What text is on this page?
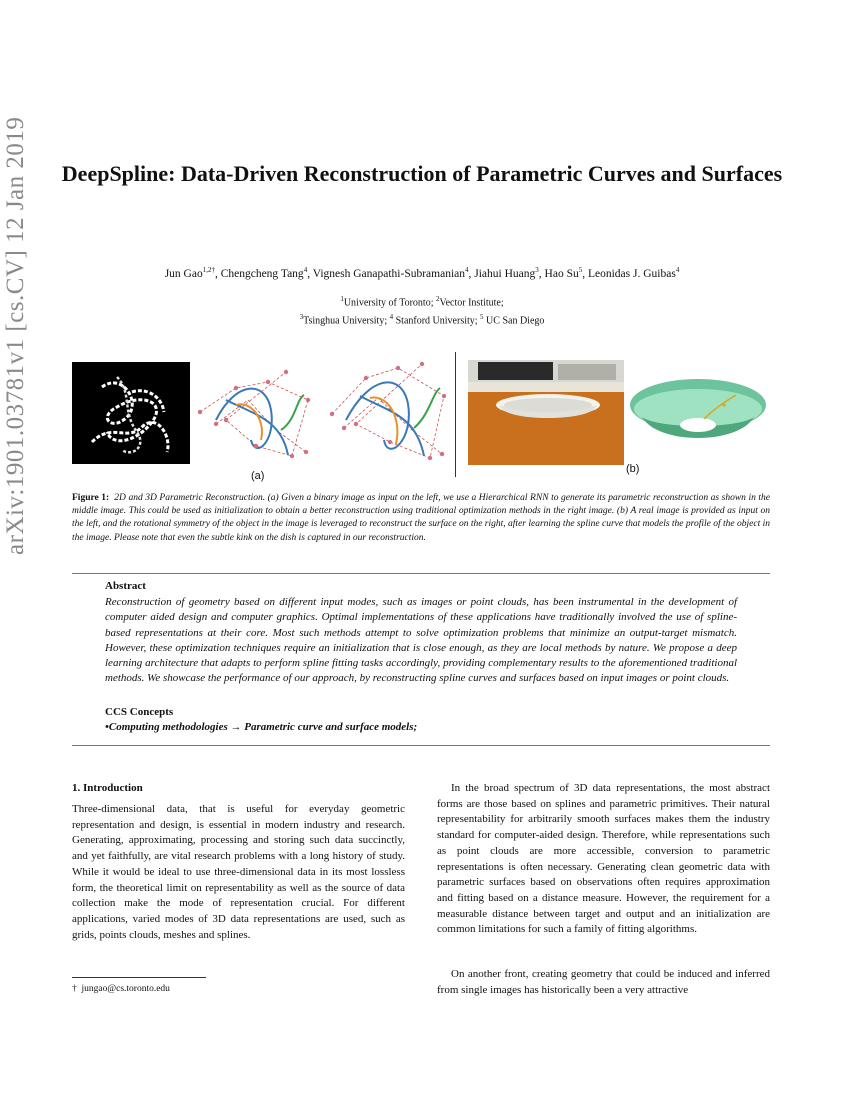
arXiv:1901.03781v1 [cs.CV] 12 Jan 2019 DeepSpline: Data-Driven Reconstruction of Parametric Curves and Surfaces
Jun Gao$^{1,2\dagger}$, Chengcheng Tang$^4$, Vignesh Ganapathi-Subramanian$^4$, Jiahui Huang$^3$, Hao Su$^5$, Leonidas J. Guibas$^4$
$^1$University of Toronto; $^2$Vector Institute;
$^3$Tsinghua University; $^4$ Stanford University; $^5$ UC San Diego
(a)
(b)
Figure 1: 2D and 3D Parametric Reconstruction. (a) Given a binary image as input on the left, we use a Hierarchical RNN to generate its parametric reconstruction as shown in the middle image. This could be used as initialization to obtain a better reconstruction using traditional optimization methods in the right image. (b) A real image is provided as input on the left, and the rotational symmetry of the object in the image is leveraged to reconstruct the surface on the right, after learning the spline curve that models the profile of the object in the image. Please note that even the subtle kink on the dish is captured in our reconstruction.
Abstract
Reconstruction of geometry based on different input modes, such as images or point clouds, has been instrumental in the development of computer aided design and computer graphics. Optimal implementations of these applications have traditionally involved the use of spline-based representations at their core. Most such methods attempt to solve optimization problems that minimize an output-target mismatch. However, these optimization techniques require an initialization that is close enough, as they are local methods by nature. We propose a deep learning architecture that adapts to perform spline fitting tasks accordingly, providing complementary results to the aforementioned traditional methods. We showcase the performance of our approach, by reconstructing spline curves and surfaces based on input images or point clouds.
CCS Concepts
•Computing methodologies → Parametric curve and surface models;
1. Introduction
Three-dimensional data, that is useful for everyday geometric representation and design, is essential in modern industry and research. Generating, approximating, processing and storing such data succinctly, and yet faithfully, are vital research problems with a long history of study. While it would be ideal to use three-dimensional data in its most lossless form, the theoretical limit on representability as well as the source of data collection make the mode of representation crucial. For different applications, varied modes of 3D data representations are used, such as grids, points clouds, meshes and splines.
In the broad spectrum of 3D data representations, the most abstract forms are those based on splines and parametric primitives. Their natural representability for arbitrarily smooth surfaces makes them the industry standard for computer-aided design. Therefore, while representations such as point clouds are more accessible, conversion to parametric representations is often necessary. Generating clean geometric data with parametric surfaces based on observations often requires approximation and fitting based on a distance measure. However, the requirement for a measurable distance between target and output and an initialization are common limitations for such a family of fitting algorithms.
On another front, creating geometry that could be induced and inferred from single images has historically been a very attractive
† jungao@cs.toronto.edu
